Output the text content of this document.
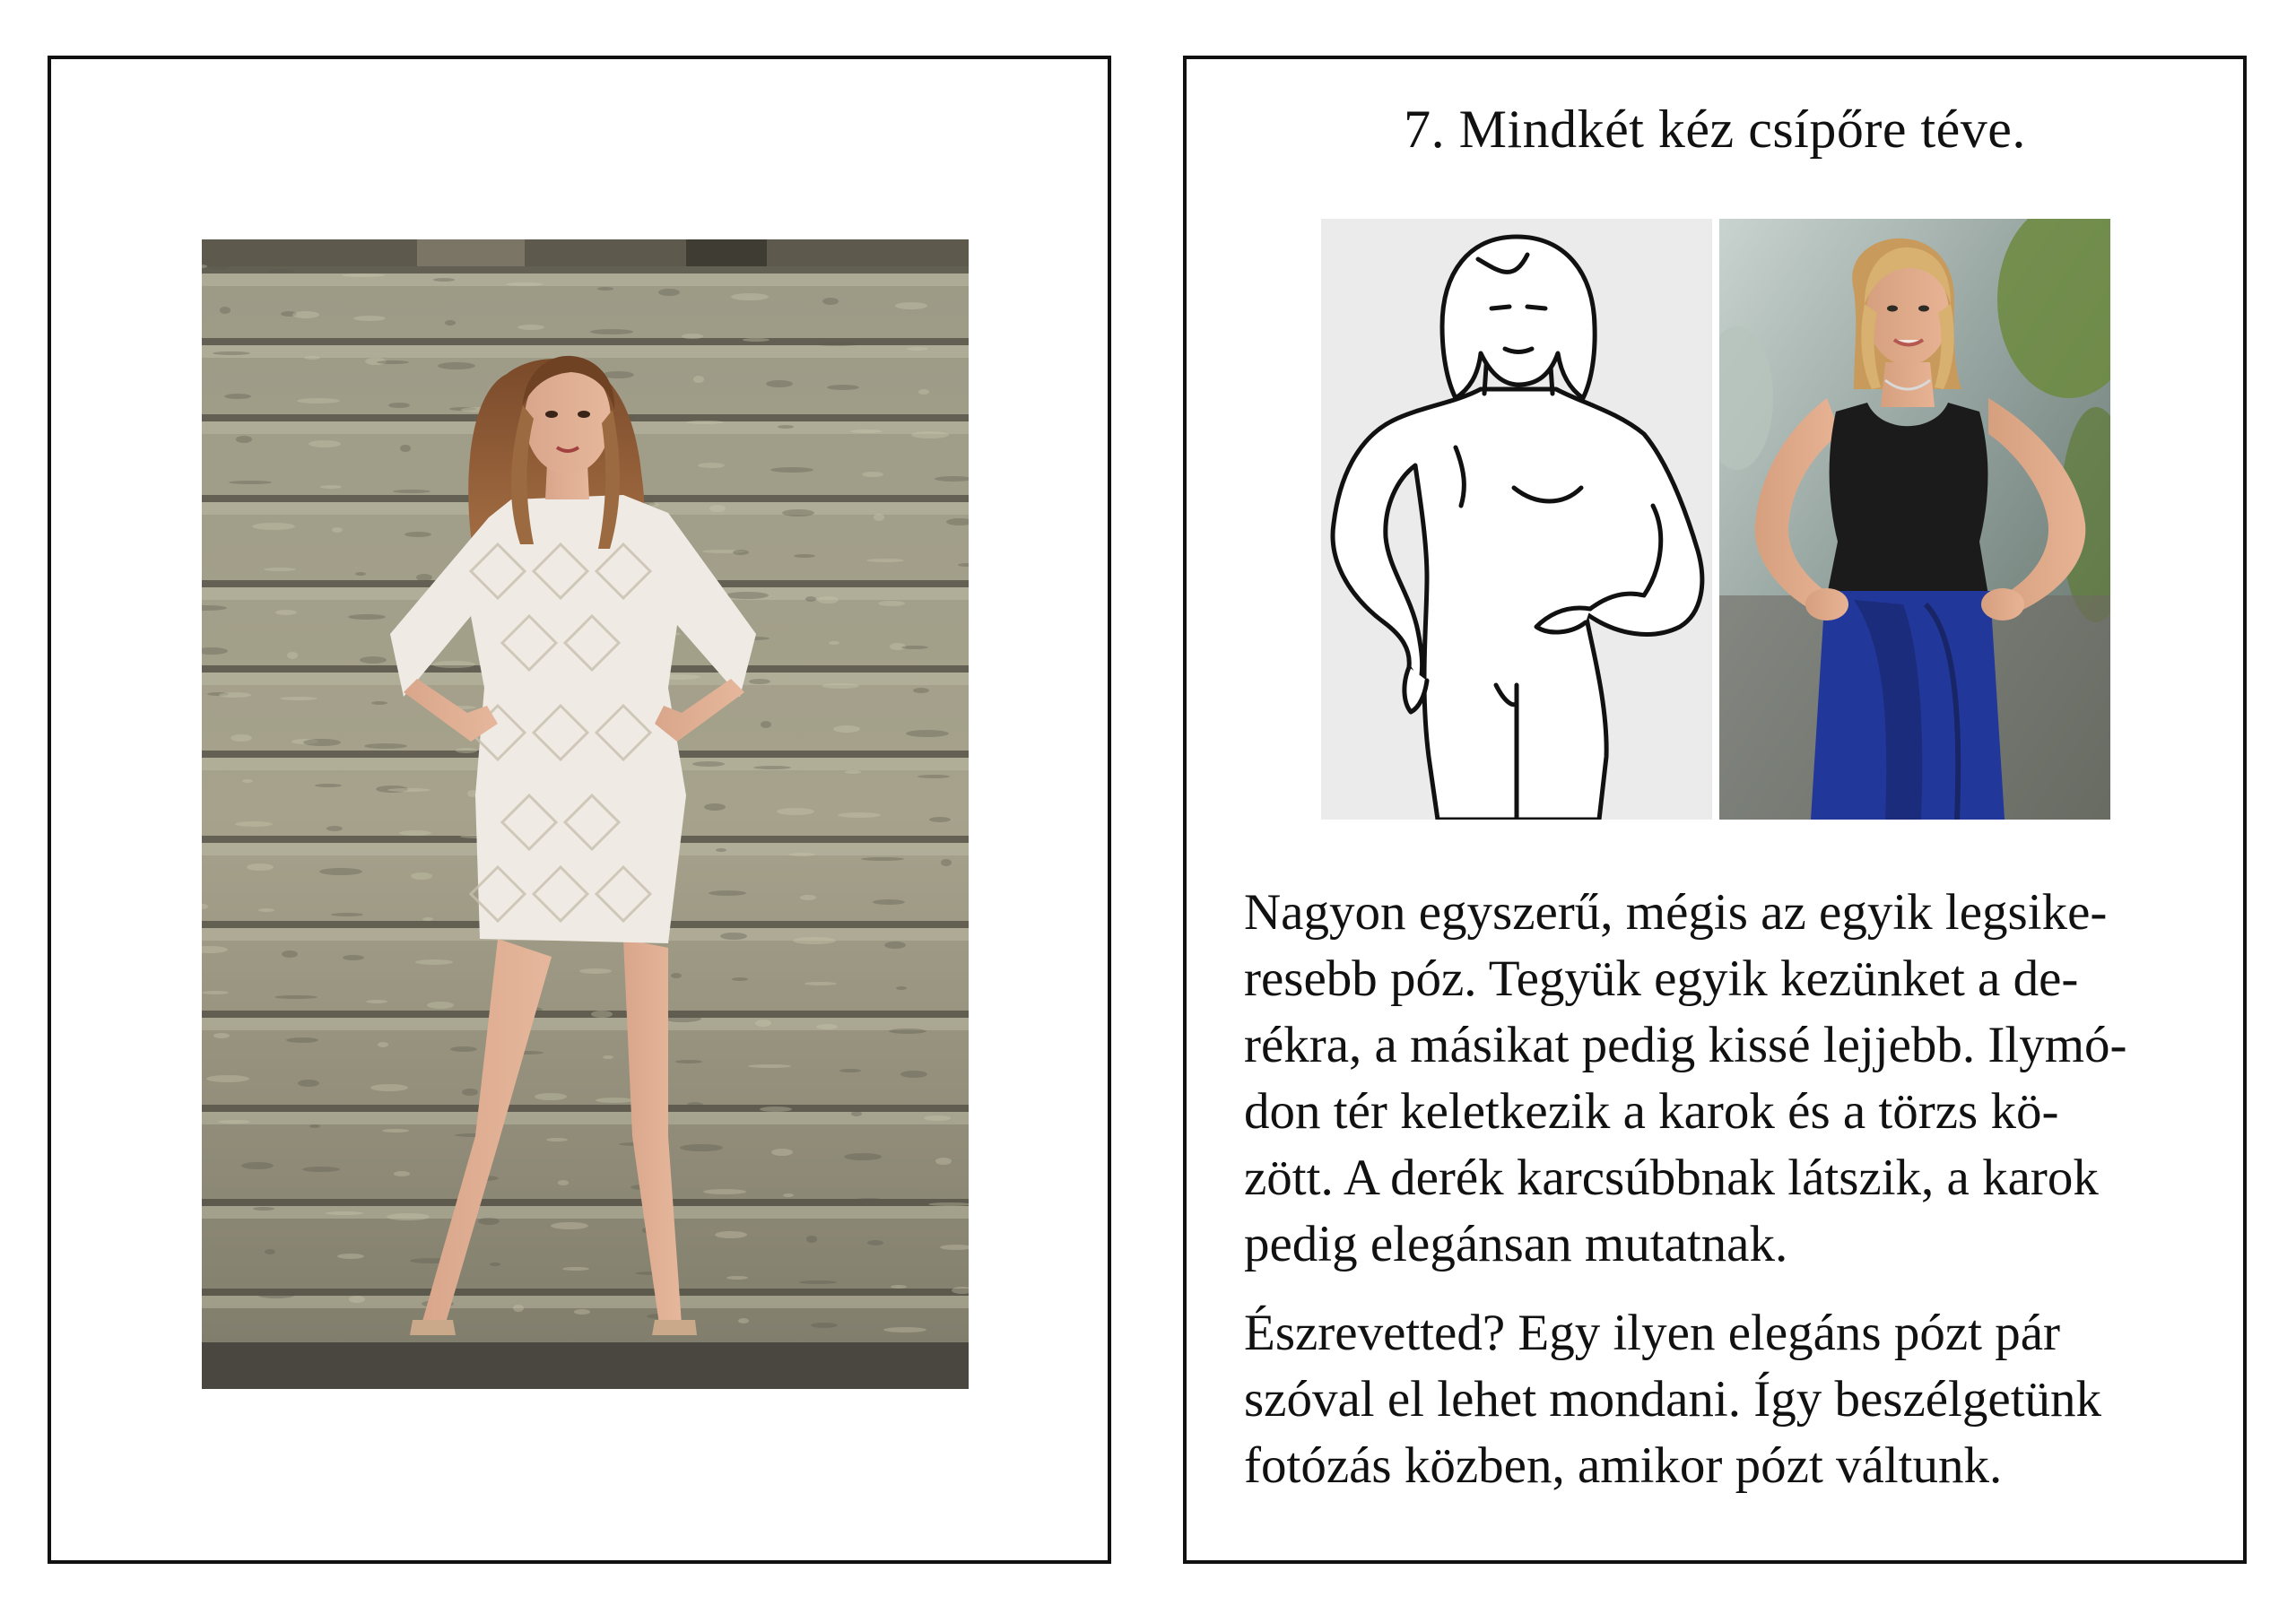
7. Mindkét kéz csípőre téve.

Nagyon egyszerű, mégis az egyik legsike-
resebb póz. Tegyük egyik kezünket a de-
rékra, a másikat pedig kissé lejjebb. Ilymó-
don tér keletkezik a karok és a törzs kö-
zött. A derék karcsúbbnak látszik, a karok
pedig elegánsan mutatnak.

Észrevetted? Egy ilyen elegáns pózt pár
szóval el lehet mondani. Így beszélgetünk
fotózás közben, amikor pózt váltunk.
